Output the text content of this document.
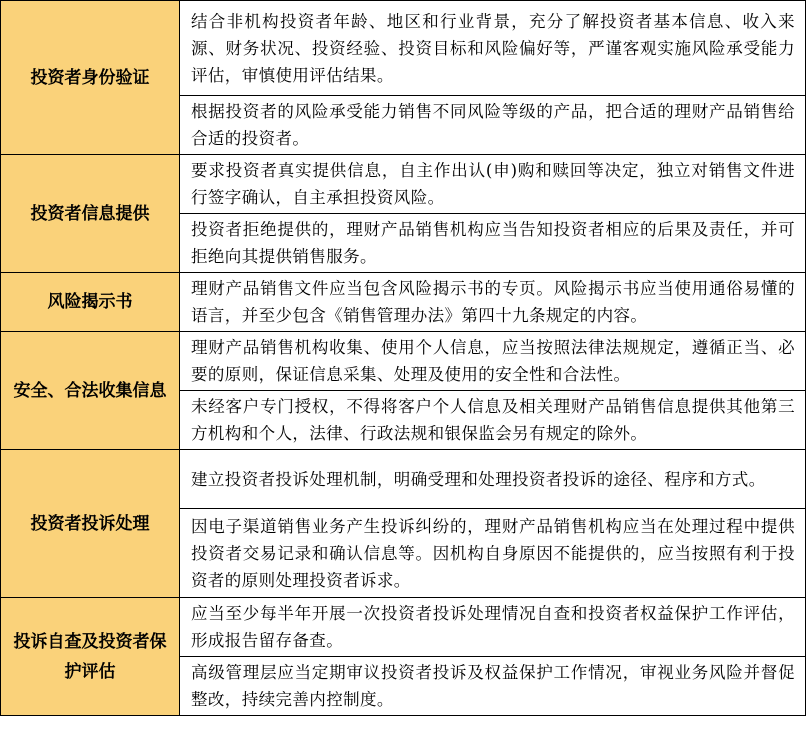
投资者身份验证	结合非机构投资者年龄、地区和行业背景，充分了解投资者基本信息、收入来源、财务状况、投资经验、投资目标和风险偏好等，严谨客观实施风险承受能力评估，审慎使用评估结果。
	根据投资者的风险承受能力销售不同风险等级的产品，把合适的理财产品销售给合适的投资者。
投资者信息提供	要求投资者真实提供信息，自主作出认(申)购和赎回等决定，独立对销售文件进行签字确认，自主承担投资风险。
	投资者拒绝提供的，理财产品销售机构应当告知投资者相应的后果及责任，并可拒绝向其提供销售服务。
风险揭示书	理财产品销售文件应当包含风险揭示书的专页。风险揭示书应当使用通俗易懂的语言，并至少包含《销售管理办法》第四十九条规定的内容。
安全、合法收集信息	理财产品销售机构收集、使用个人信息，应当按照法律法规规定，遵循正当、必要的原则，保证信息采集、处理及使用的安全性和合法性。
	未经客户专门授权，不得将客户个人信息及相关理财产品销售信息提供其他第三方机构和个人，法律、行政法规和银保监会另有规定的除外。
投资者投诉处理	建立投资者投诉处理机制，明确受理和处理投资者投诉的途径、程序和方式。
	因电子渠道销售业务产生投诉纠纷的，理财产品销售机构应当在处理过程中提供投资者交易记录和确认信息等。因机构自身原因不能提供的，应当按照有利于投资者的原则处理投资者诉求。
投诉自查及投资者保护评估	应当至少每半年开展一次投资者投诉处理情况自查和投资者权益保护工作评估，形成报告留存备查。
	高级管理层应当定期审议投资者投诉及权益保护工作情况，审视业务风险并督促整改，持续完善内控制度。
